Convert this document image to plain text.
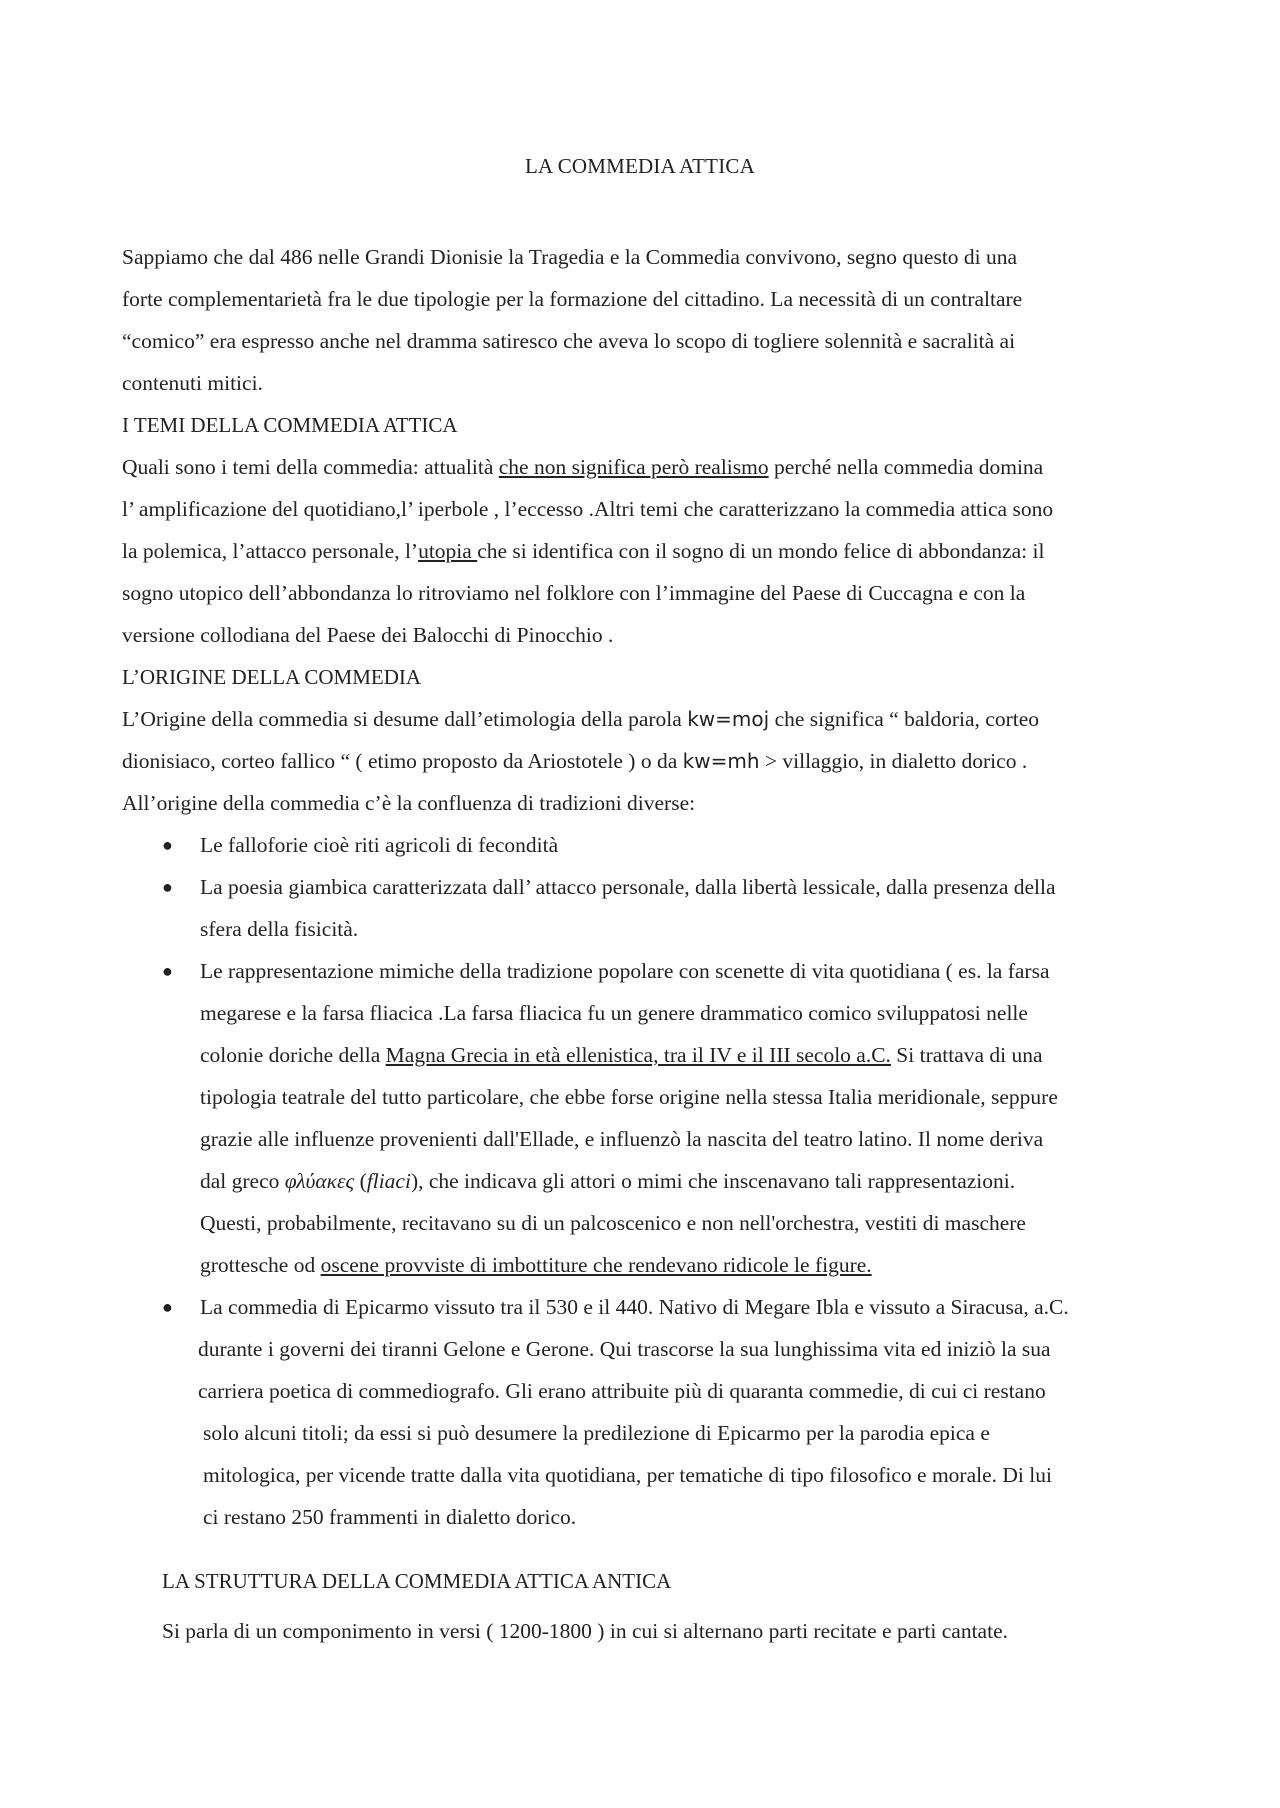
LA COMMEDIA ATTICA
Sappiamo che dal 486 nelle Grandi Dionisie la Tragedia e la Commedia convivono, segno questo di una
forte complementarietà fra le due tipologie per la formazione del cittadino. La necessità di un contraltare
“comico” era espresso anche nel dramma satiresco che aveva lo scopo di togliere solennità e sacralità ai
contenuti mitici.
I TEMI DELLA COMMEDIA ATTICA
Quali sono i temi della commedia: attualità che non significa però realismo perché nella commedia domina
l’ amplificazione del quotidiano,l’ iperbole , l’eccesso .Altri temi che caratterizzano la commedia attica sono
la polemica, l’attacco personale, l’utopia che si identifica con il sogno di un mondo felice di abbondanza: il
sogno utopico dell’abbondanza lo ritroviamo nel folklore con l’immagine del Paese di Cuccagna e con la
versione collodiana del Paese dei Balocchi di Pinocchio .
L’ORIGINE DELLA COMMEDIA
L’Origine della commedia si desume dall’etimologia della parola kw=moj che significa “ baldoria, corteo
dionisiaco, corteo fallico “ ( etimo proposto da Ariostotele ) o da kw=mh > villaggio, in dialetto dorico .
All’origine della commedia c’è la confluenza di tradizioni diverse:
● Le falloforie cioè riti agricoli di fecondità
● La poesia giambica caratterizzata dall’ attacco personale, dalla libertà lessicale, dalla presenza della
sfera della fisicità.
● Le rappresentazione mimiche della tradizione popolare con scenette di vita quotidiana ( es. la farsa
megarese e la farsa fliacica .La farsa fliacica fu un genere drammatico comico sviluppatosi nelle
colonie doriche della Magna Grecia in età ellenistica, tra il IV e il III secolo a.C. Si trattava di una
tipologia teatrale del tutto particolare, che ebbe forse origine nella stessa Italia meridionale, seppure
grazie alle influenze provenienti dall'Ellade, e influenzò la nascita del teatro latino. Il nome deriva
dal greco φλύακες (fliaci), che indicava gli attori o mimi che inscenavano tali rappresentazioni.
Questi, probabilmente, recitavano su di un palcoscenico e non nell'orchestra, vestiti di maschere
grottesche od oscene provviste di imbottiture che rendevano ridicole le figure.
● La commedia di Epicarmo vissuto tra il 530 e il 440. Nativo di Megare Ibla e vissuto a Siracusa, a.C.
durante i governi dei tiranni Gelone e Gerone. Qui trascorse la sua lunghissima vita ed iniziò la sua
carriera poetica di commediografo. Gli erano attribuite più di quaranta commedie, di cui ci restano
solo alcuni titoli; da essi si può desumere la predilezione di Epicarmo per la parodia epica e
mitologica, per vicende tratte dalla vita quotidiana, per tematiche di tipo filosofico e morale. Di lui
ci restano 250 frammenti in dialetto dorico.
LA STRUTTURA DELLA COMMEDIA ATTICA ANTICA
Si parla di un componimento in versi ( 1200-1800 ) in cui si alternano parti recitate e parti cantate.
